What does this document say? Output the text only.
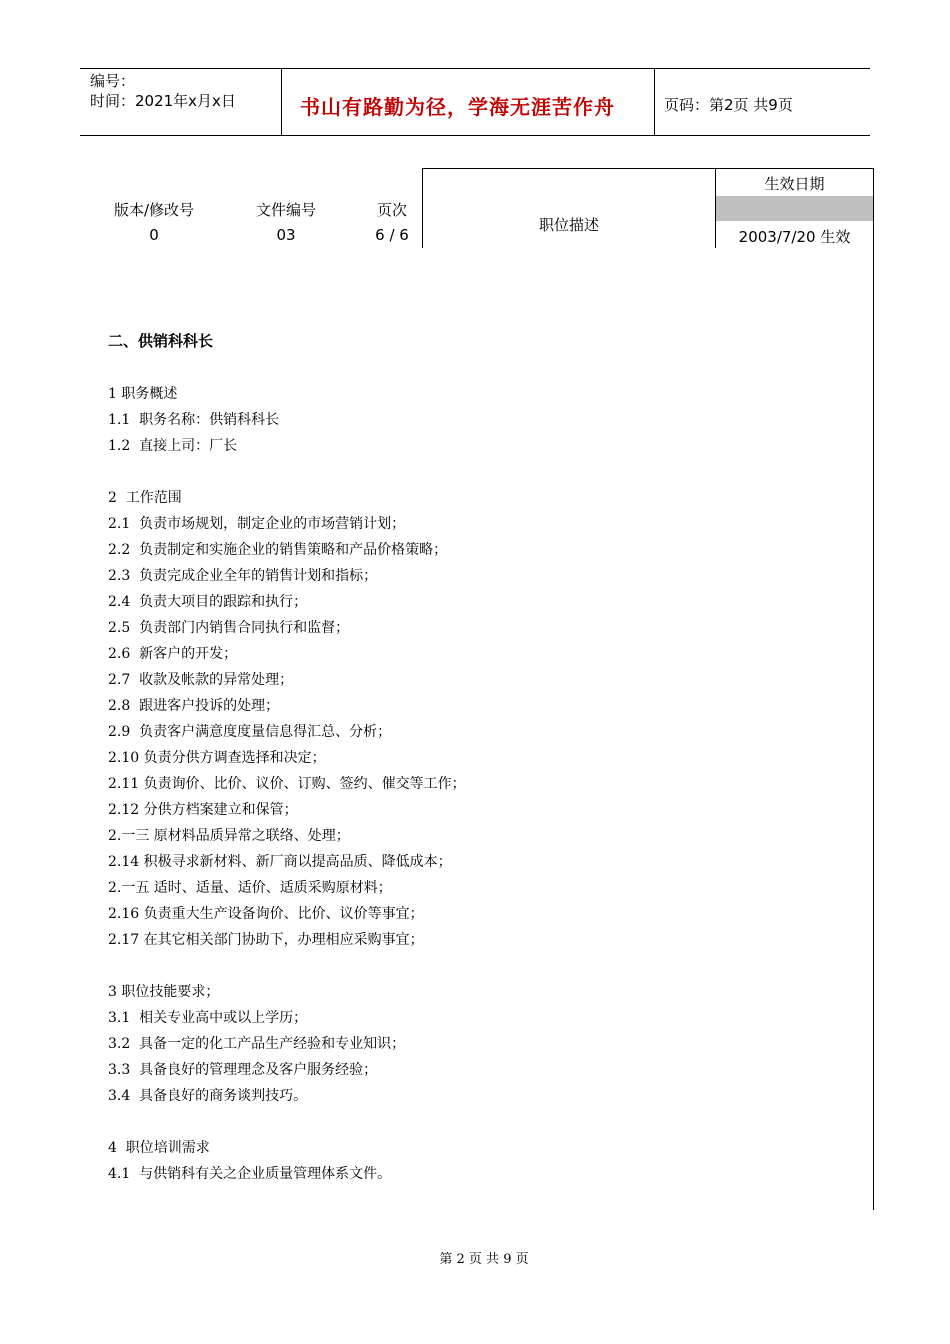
编号：
时间：2021年x月x日	书山有路勤为径，学海无涯苦作舟	页码：第2页 共9页
版本/修改号
0
文件编号
03
页次
6 / 6
职位描述
生效日期
2003/7/20 生效
二、供销科科长
1 职务概述
1.1  职务名称：供销科科长
1.2  直接上司：厂长
2  工作范围
2.1  负责市场规划，制定企业的市场营销计划；
2.2  负责制定和实施企业的销售策略和产品价格策略；
2.3  负责完成企业全年的销售计划和指标；
2.4  负责大项目的跟踪和执行；
2.5  负责部门内销售合同执行和监督；
2.6  新客户的开发；
2.7  收款及帐款的异常处理；
2.8  跟进客户投诉的处理；
2.9  负责客户满意度度量信息得汇总、分析；
2.10 负责分供方调查选择和决定；
2.11 负责询价、比价、议价、订购、签约、催交等工作；
2.12 分供方档案建立和保管；
2.一三 原材料品质异常之联络、处理；
2.14 积极寻求新材料、新厂商以提高品质、降低成本；
2.一五 适时、适量、适价、适质采购原材料；
2.16 负责重大生产设备询价、比价、议价等事宜；
2.17 在其它相关部门协助下，办理相应采购事宜；
3 职位技能要求；
3.1  相关专业高中或以上学历；
3.2  具备一定的化工产品生产经验和专业知识；
3.3  具备良好的管理理念及客户服务经验；
3.4  具备良好的商务谈判技巧。
4  职位培训需求
4.1  与供销科有关之企业质量管理体系文件。
第 2 页 共 9 页
